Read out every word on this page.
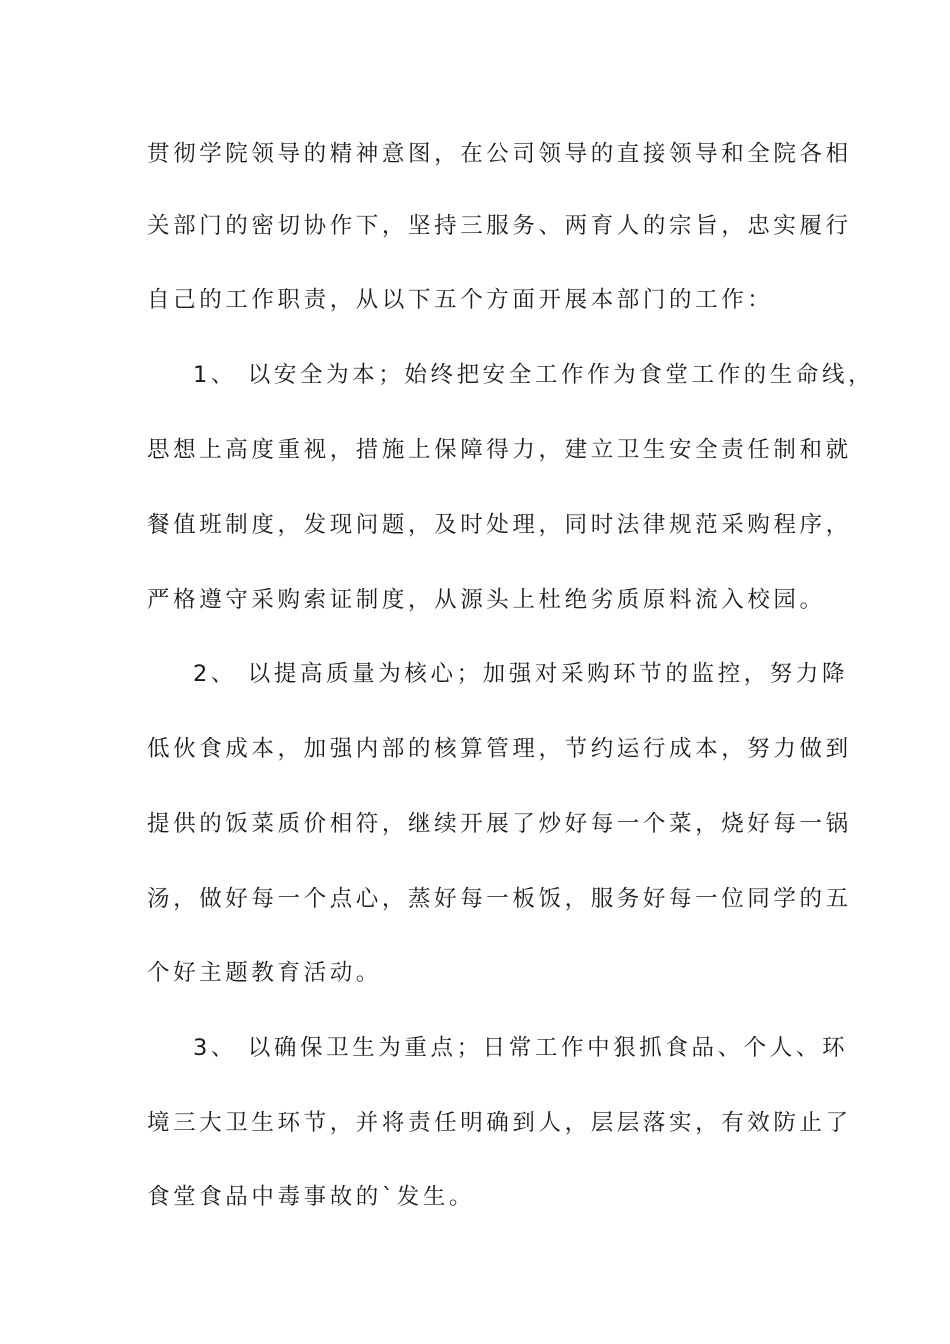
贯彻学院领导的精神意图，在公司领导的直接领导和全院各相
关部门的密切协作下，坚持三服务、两育人的宗旨，忠实履行
自己的工作职责，从以下五个方面开展本部门的工作：
1、 以安全为本；始终把安全工作作为食堂工作的生命线，
思想上高度重视，措施上保障得力，建立卫生安全责任制和就
餐值班制度，发现问题，及时处理，同时法律规范采购程序，
严格遵守采购索证制度，从源头上杜绝劣质原料流入校园。
2、 以提高质量为核心；加强对采购环节的监控，努力降
低伙食成本，加强内部的核算管理，节约运行成本，努力做到
提供的饭菜质价相符，继续开展了炒好每一个菜，烧好每一锅
汤，做好每一个点心，蒸好每一板饭，服务好每一位同学的五
个好主题教育活动。
3、 以确保卫生为重点；日常工作中狠抓食品、个人、环
境三大卫生环节，并将责任明确到人，层层落实，有效防止了
食堂食品中毒事故的`发生。
